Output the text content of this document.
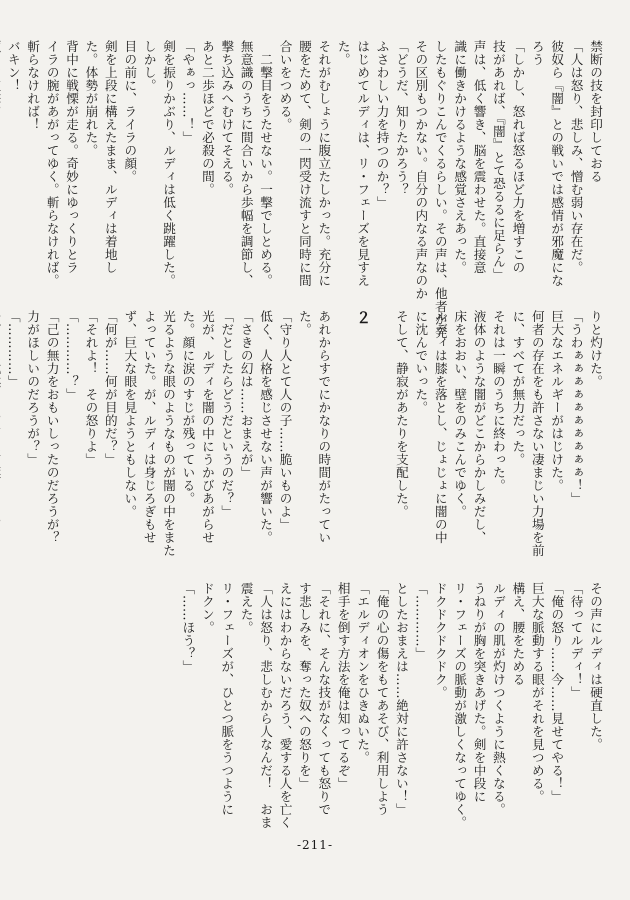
禁断の技を封印しておる
「人は怒り、悲しみ、憎む弱い存在だ。
彼奴ら『闇』との戦いでは感情が邪魔にな
ろう
「しかし、怒れば怒るほど力を増すこの
技があれば、『闇』とて恐るるに足らん」
声は、低く響き、脳を震わせた。直接意
識に働きかけるような感覚さえあった。
したもぐりこんでくるらしい。その声は、他者が発
その区別もつかない。自分の内なる声なのか
「どうだ、知りたかろう？
ふさわしい力を持つのか？」
はじめてルディは、リ・フェーズを見すえ
た。
それがむしょうに腹立たしかった。充分に
腰をためて、剣の一閃受け流すと同時に間
合いをつめる。
　二撃目をうたせない。一撃でしとめる。
無意識のうちに間合いから歩幅を調節し、
撃ち込みへむけてそえる。
あと二歩ほどで必殺の間。
「やぁっ……！」
剣を振りかぶり、ルディは低く跳躍した。
しかし。
目の前に、ライラの顔。
剣を上段に構えたまま、ルディは着地し
た。体勢が崩れた。
背中に戦慄が走る。奇妙にゆっくりとラ
イラの腕があがってゆく。斬らなければ。
斬らなければ！
バキン！
りと灼けた。
「うわぁぁぁぁぁぁぁぁぁぁ！」
巨大なエネルギーがはじけた。
何者の存在をも許さない凄まじい力場を前
に、すべてが無力だった。
それは一瞬のうちに終わった。
液体のような闇がどこからかしみだし、
床をおおい、壁をのみこんでゆく。
ルディは膝を落とし、じょじょに闇の中
に沈んでいった。
そして、静寂があたりを支配した。

２

あれからすでにかなりの時間がたってい
た。
「守り人とて人の子……脆いものよ」
低く、人格を感じさせない声が響いた。
「さきの幻は……おまえが」
「だとしたらどうだというのだ？」
光が、ルディを闇の中にうかびあがらせ
た。顔に涙のすじが残っている。
光るような眼のようなものが闇の中をまた
よっていた。が、ルディは身じろぎもせ
ず、巨大な眼を見ようともしない。
「何が……何が目的だ？」
「それよ！　その怒りよ」
「…………？」
「己の無力をおもいしったのだろうが？
力がほしいのだろうが？」
「…………」
その声にルディは硬直した。
「待ってルディ！」
「俺の怒り……今……見せてやる！」
巨大な脈動する眼がそれを見つめる。
構え、腰をためる
ルディの肌が灼けつくように熱くなる。
うねりが胸を突きあげた。剣を中段に
リ・フェーズの脈動が激しくなってゆく。
ドクドクドクドク。
「…………」
としたおまえは……絶対に許さない！」
「俺の心の傷をもてあそび、利用しよう
「エルディオンをひきぬいた。
相手を倒す方法を俺は知ってるぞ」
「それに、そんな技がなくっても怒りで
す悲しみを、奪った奴への怒りを」
えにはわからないだろう、愛する人を亡く
「人は怒り、悲しむから人なんだ！　おま
震えた。
リ・フェーズが、ひとつ脈をうつように
ドクン。
「……ほう？」
-211-
